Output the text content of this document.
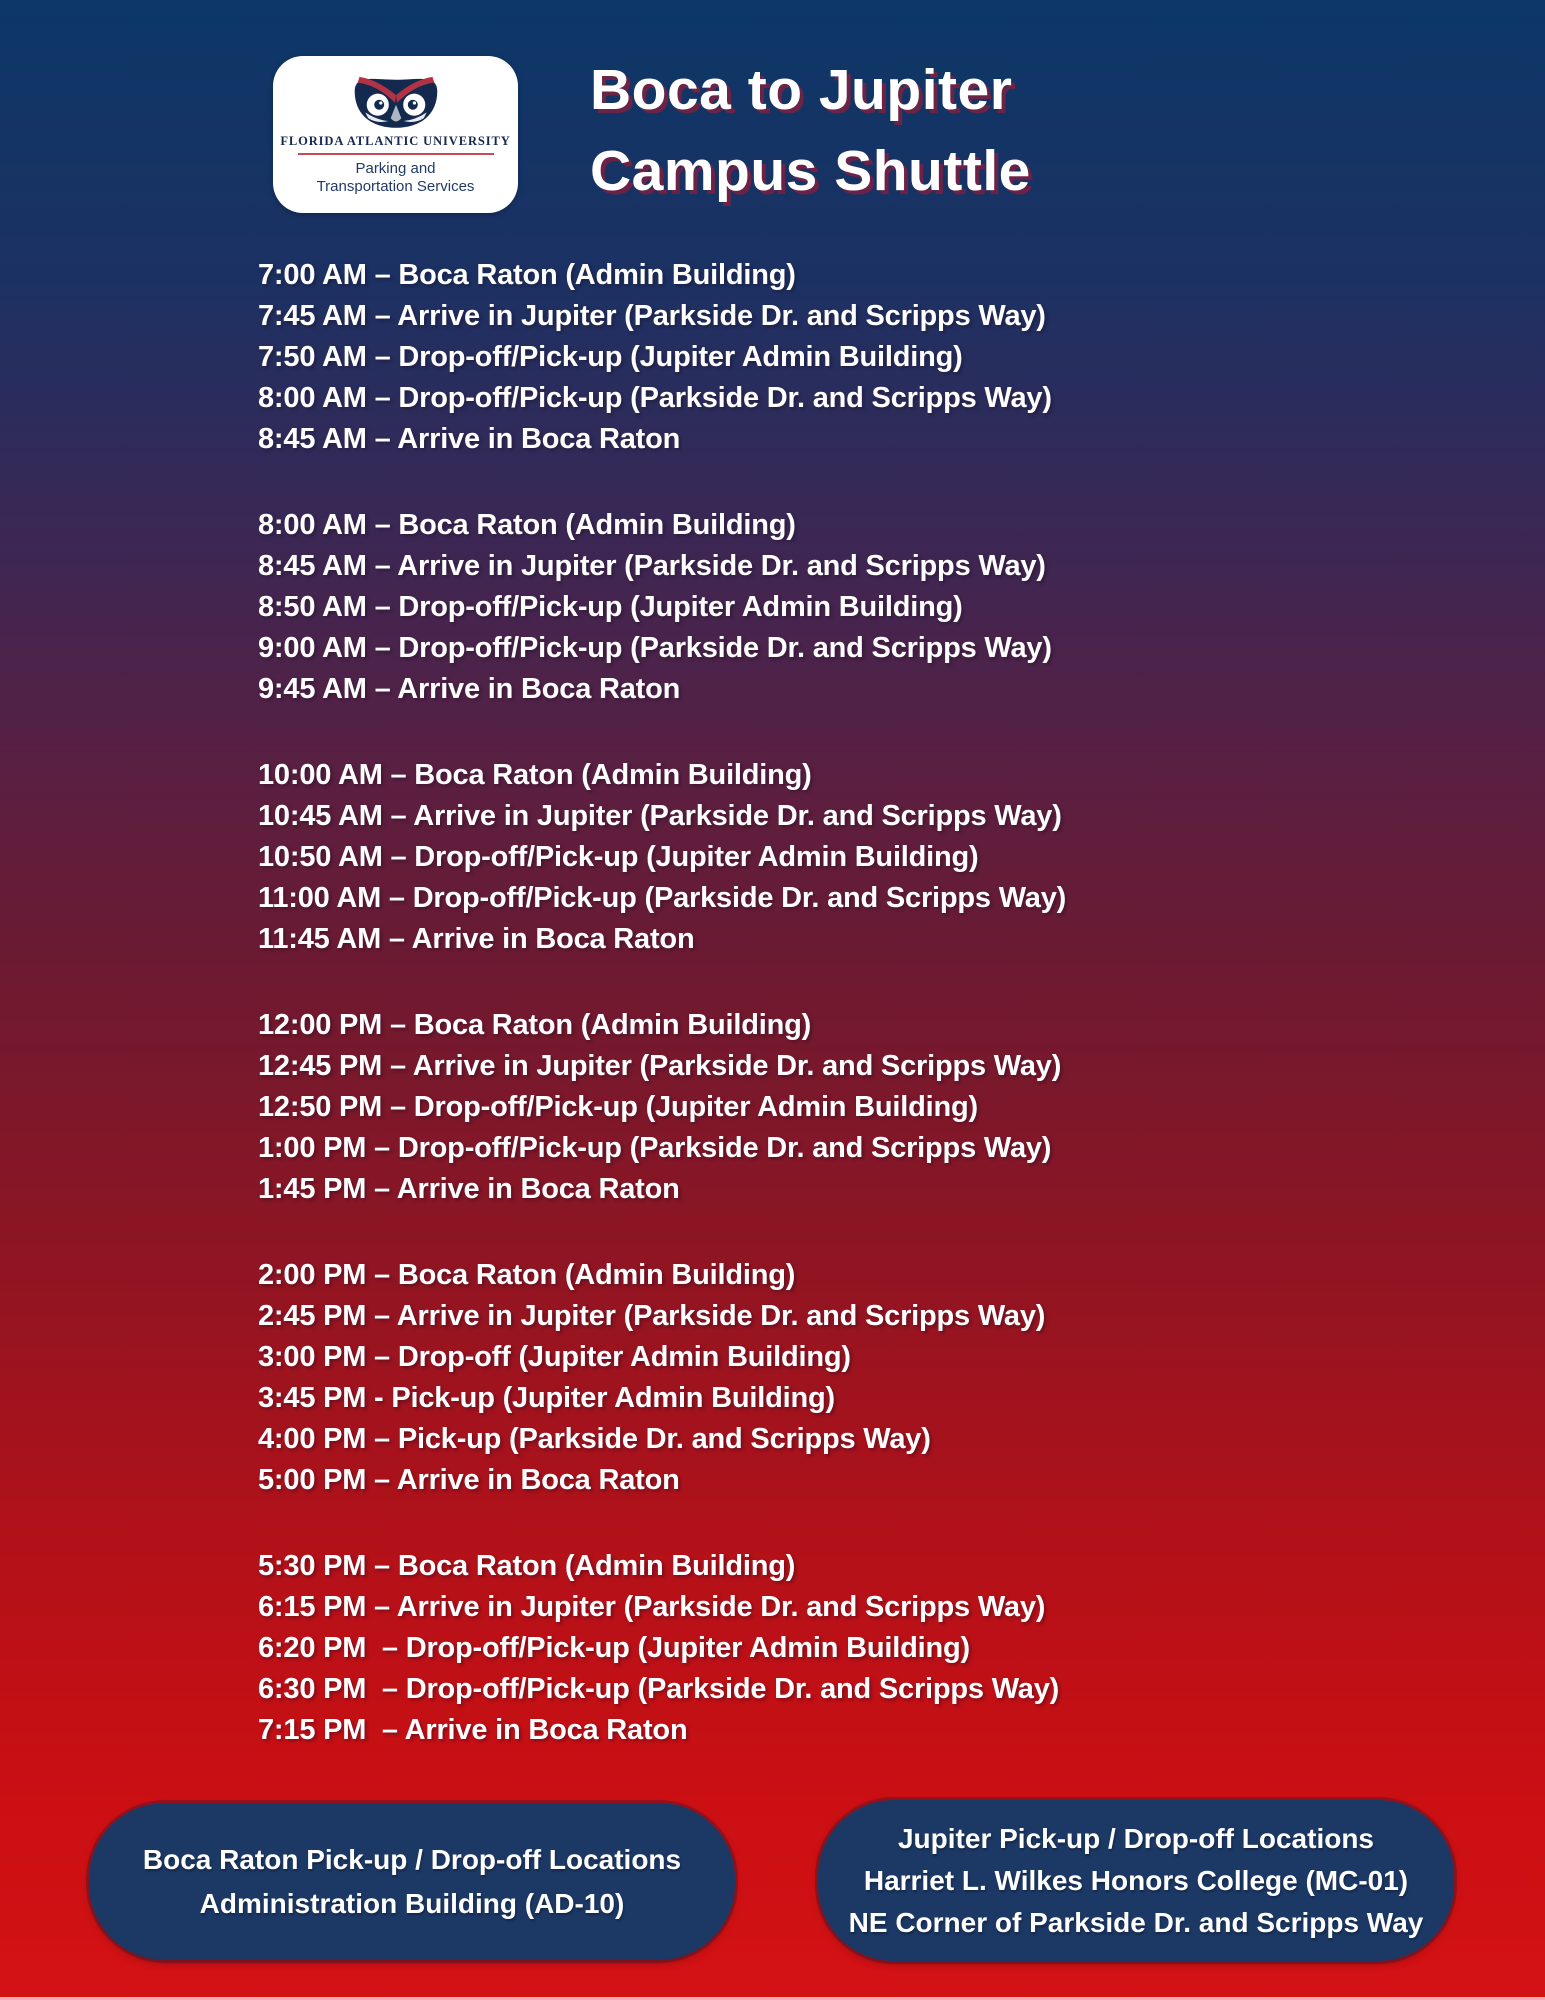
FLORIDA ATLANTIC UNIVERSITY
Parking and
Transportation Services
Boca to Jupiter
Campus Shuttle
7:00 AM – Boca Raton (Admin Building)
7:45 AM – Arrive in Jupiter (Parkside Dr. and Scripps Way)
7:50 AM – Drop-off/Pick-up (Jupiter Admin Building)
8:00 AM – Drop-off/Pick-up (Parkside Dr. and Scripps Way)
8:45 AM – Arrive in Boca Raton
8:00 AM – Boca Raton (Admin Building)
8:45 AM – Arrive in Jupiter (Parkside Dr. and Scripps Way)
8:50 AM – Drop-off/Pick-up (Jupiter Admin Building)
9:00 AM – Drop-off/Pick-up (Parkside Dr. and Scripps Way)
9:45 AM – Arrive in Boca Raton
10:00 AM – Boca Raton (Admin Building)
10:45 AM – Arrive in Jupiter (Parkside Dr. and Scripps Way)
10:50 AM – Drop-off/Pick-up (Jupiter Admin Building)
11:00 AM – Drop-off/Pick-up (Parkside Dr. and Scripps Way)
11:45 AM – Arrive in Boca Raton
12:00 PM – Boca Raton (Admin Building)
12:45 PM – Arrive in Jupiter (Parkside Dr. and Scripps Way)
12:50 PM – Drop-off/Pick-up (Jupiter Admin Building)
1:00 PM – Drop-off/Pick-up (Parkside Dr. and Scripps Way)
1:45 PM – Arrive in Boca Raton
2:00 PM – Boca Raton (Admin Building)
2:45 PM – Arrive in Jupiter (Parkside Dr. and Scripps Way)
3:00 PM – Drop-off (Jupiter Admin Building)
3:45 PM - Pick-up (Jupiter Admin Building)
4:00 PM – Pick-up (Parkside Dr. and Scripps Way)
5:00 PM – Arrive in Boca Raton
5:30 PM – Boca Raton (Admin Building)
6:15 PM – Arrive in Jupiter (Parkside Dr. and Scripps Way)
6:20 PM  – Drop-off/Pick-up (Jupiter Admin Building)
6:30 PM  – Drop-off/Pick-up (Parkside Dr. and Scripps Way)
7:15 PM  – Arrive in Boca Raton
Boca Raton Pick-up / Drop-off Locations
Administration Building (AD-10)
Jupiter Pick-up / Drop-off Locations
Harriet L. Wilkes Honors College (MC-01)
NE Corner of Parkside Dr. and Scripps Way
